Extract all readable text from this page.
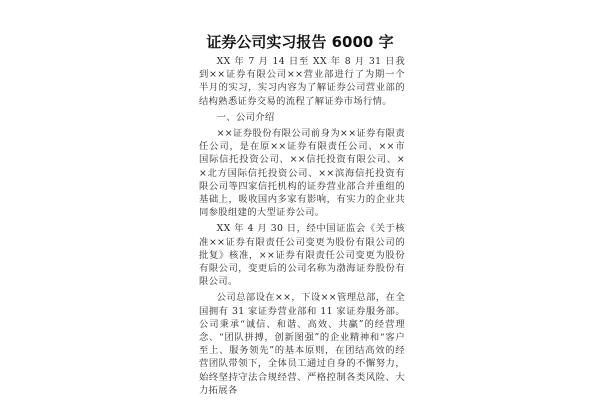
证券公司实习报告 6000 字

XX 年 7 月 14 日至 XX 年 8 月 31 日我到××证券有限公司××营业部进行了为期一个半月的实习，实习内容为了解证券公司营业部的结构熟悉证券交易的流程了解证券市场行情。

一、公司介绍

××证券股份有限公司前身为××证券有限责任公司，是在原××证券有限责任公司、××市国际信托投资公司、××信托投资有限公司、××北方国际信托投资公司、××滨海信托投资有限公司等四家信托机构的证券营业部合并重组的基础上，吸收国内多家有影响，有实力的企业共同参股组建的大型证券公司。

XX 年 4 月 30 日，经中国证监会《关于核准××证券有限责任公司变更为股份有限公司的批复》核准，××证券有限责任公司变更为股份有限公司，变更后的公司名称为渤海证券股份有限公司。

公司总部设在××，下设××管理总部，在全国拥有 31 家证券营业部和 11 家证券服务部。公司秉承“诚信、和谐、高效、共赢”的经营理念、“团队拼搏，创新图强”的企业精神和“客户至上、服务领先”的基本原则，在团结高效的经营团队带领下，全体员工通过自身的不懈努力，始终坚持守法合规经营、严格控制各类风险、大力拓展各
